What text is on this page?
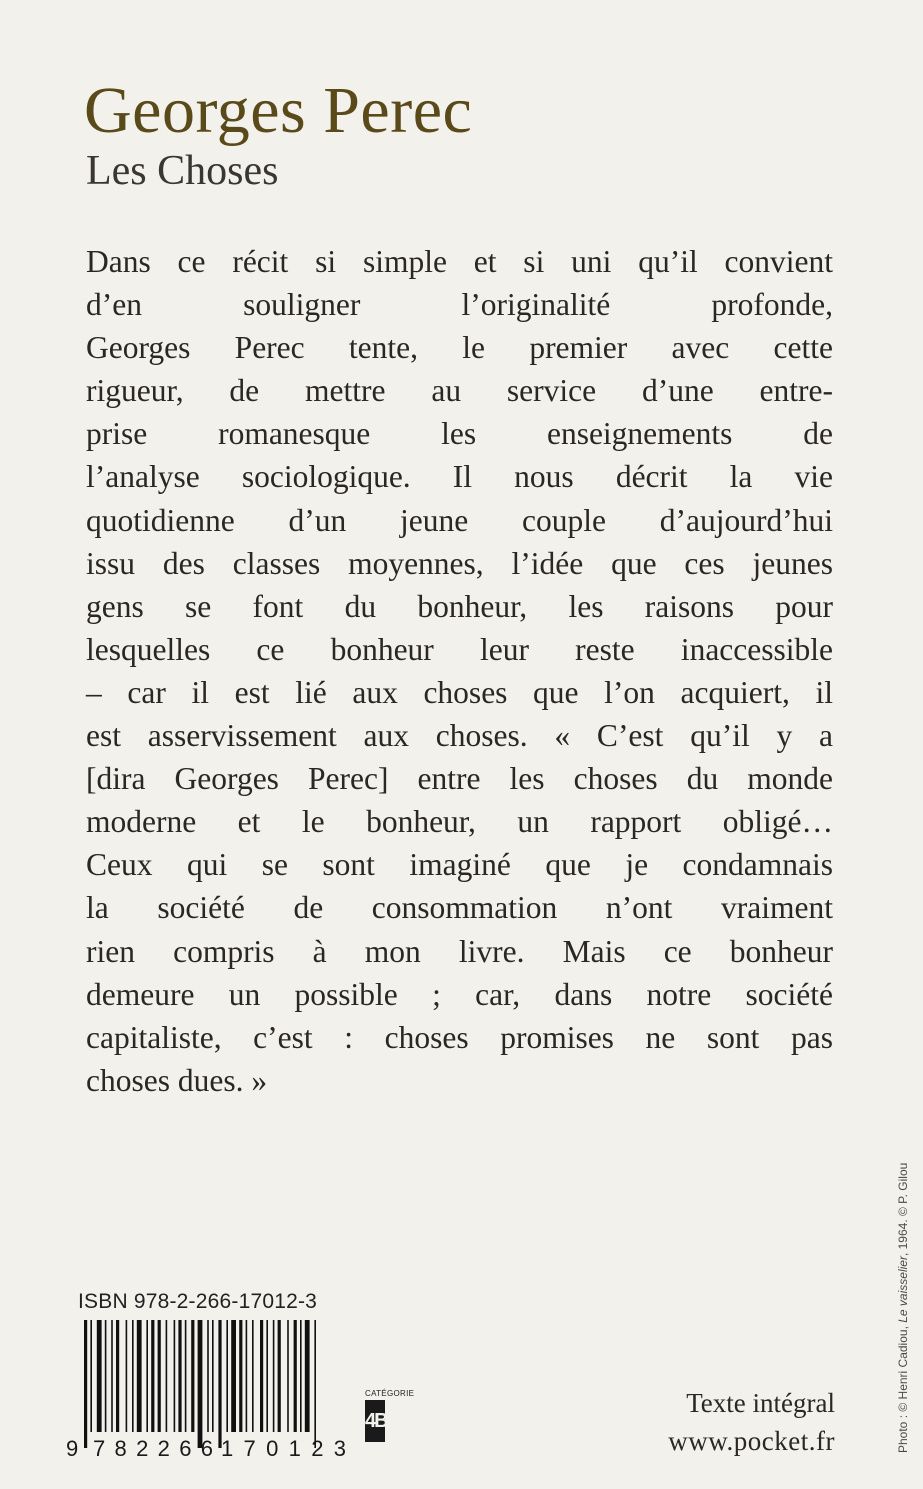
Georges Perec
Les Choses

Dans ce récit si simple et si uni qu’il convient

d’en souligner l’originalité profonde,

Georges Perec tente, le premier avec cette

rigueur, de mettre au service d’une entre-

prise romanesque les enseignements de

l’analyse sociologique. Il nous décrit la vie

quotidienne d’un jeune couple d’aujourd’hui

issu des classes moyennes, l’idée que ces jeunes

gens se font du bonheur, les raisons pour

lesquelles ce bonheur leur reste inaccessible

– car il est lié aux choses que l’on acquiert, il

est asservissement aux choses. « C’est qu’il y a

[dira Georges Perec] entre les choses du monde

moderne et le bonheur, un rapport obligé…

Ceux qui se sont imaginé que je condamnais

la société de consommation n’ont vraiment

rien compris à mon livre. Mais ce bonheur

demeure un possible ; car, dans notre société

capitaliste, c’est : choses promises ne sont pas

choses dues. »

ISBN 978-2-266-17012-3
9 782266 170123
CATÉGORIE
4B	Photo : © Henri Cadiou, Le vaisselier, 1964. © P. Gilou
Texte intégral
www.pocket.fr
